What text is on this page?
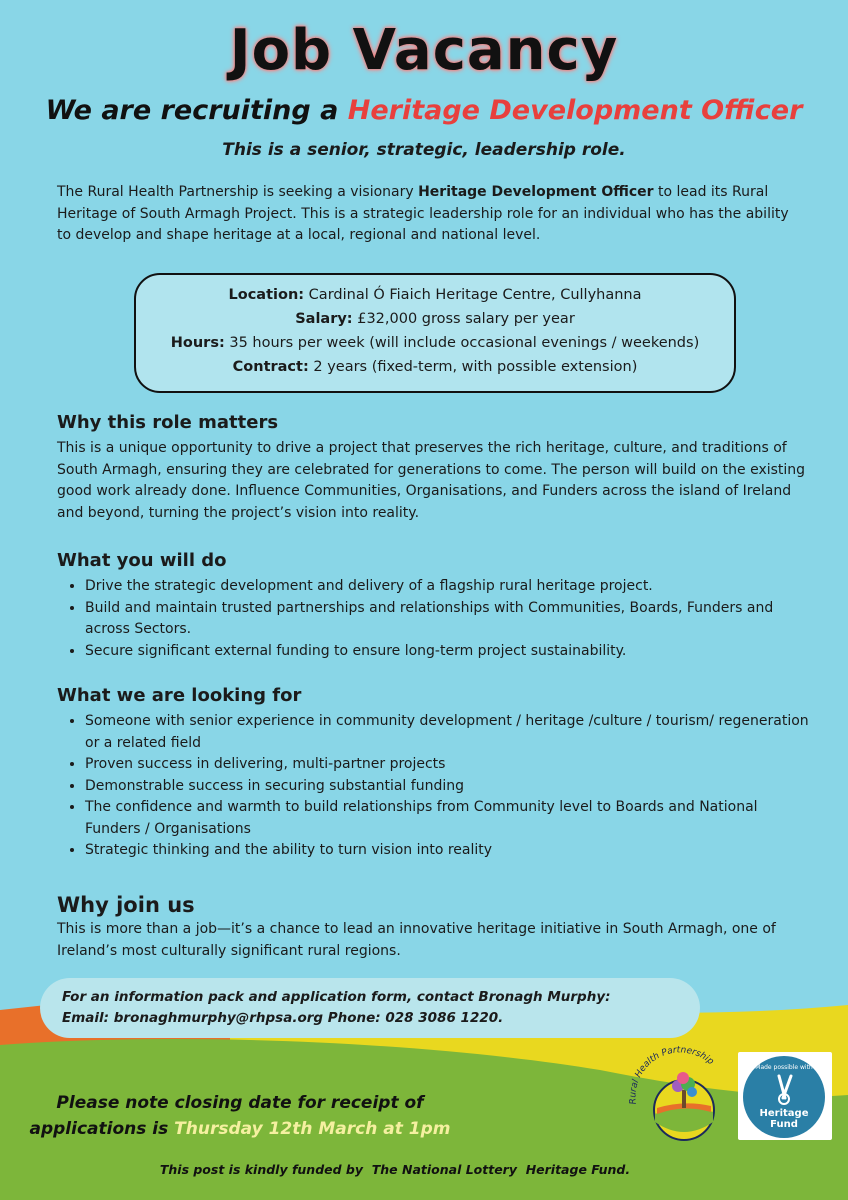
Job Vacancy
We are recruiting a Heritage Development Officer
This is a senior, strategic, leadership role.
The Rural Health Partnership is seeking a visionary Heritage Development Officer to lead its Rural Heritage of South Armagh Project. This is a strategic leadership role for an individual who has the ability to develop and shape heritage at a local, regional and national level.
Location: Cardinal Ó Fiaich Heritage Centre, Cullyhanna
Salary: £32,000 gross salary per year
Hours: 35 hours per week (will include occasional evenings / weekends)
Contract: 2 years (fixed-term, with possible extension)
Why this role matters
This is a unique opportunity to drive a project that preserves the rich heritage, culture, and traditions of South Armagh, ensuring they are celebrated for generations to come. The person will build on the existing good work already done. Influence Communities, Organisations, and Funders across the island of Ireland and beyond, turning the project’s vision into reality.
What you will do
• Drive the strategic development and delivery of a flagship rural heritage project.
• Build and maintain trusted partnerships and relationships with Communities, Boards, Funders and across Sectors.
• Secure significant external funding to ensure long-term project sustainability.
What we are looking for
• Someone with senior experience in community development / heritage /culture / tourism/ regeneration or a related field
• Proven success in delivering, multi-partner projects
• Demonstrable success in securing substantial funding
• The confidence and warmth to build relationships from Community level to Boards and National Funders / Organisations
• Strategic thinking and the ability to turn vision into reality
Why join us
This is more than a job—it’s a chance to lead an innovative heritage initiative in South Armagh, one of Ireland’s most culturally significant rural regions.
For an information pack and application form, contact Bronagh Murphy:
Email: bronaghmurphy@rhpsa.org Phone: 028 3086 1220.
Rural Health Partnership
Made possible with
Heritage
Fund
Please note closing date for receipt of
applications is Thursday 12th March at 1pm
This post is kindly funded by  The National Lottery  Heritage Fund.
